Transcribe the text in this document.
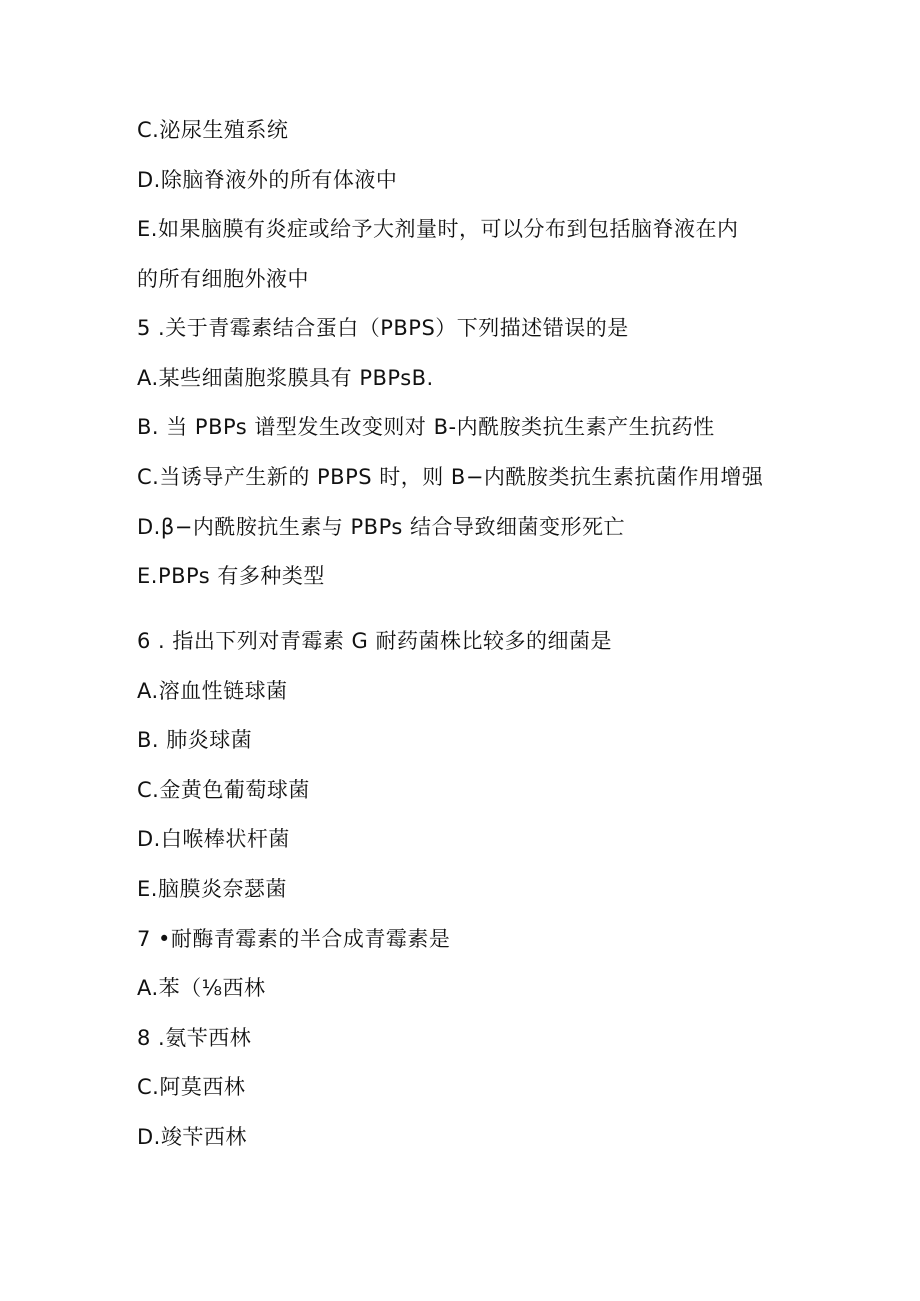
C.泌尿生殖系统
D.除脑脊液外的所有体液中
E.如果脑膜有炎症或给予大剂量时，可以分布到包括脑脊液在内
的所有细胞外液中
5 .关于青霉素结合蛋白（PBPS）下列描述错误的是
A.某些细菌胞浆膜具有 PBPsB.
B. 当 PBPs 谱型发生改变则对 B-内酰胺类抗生素产生抗药性
C.当诱导产生新的 PBPS 时，则 B−内酰胺类抗生素抗菌作用增强
D.β−内酰胺抗生素与 PBPs 结合导致细菌变形死亡
E.PBPs 有多种类型
6 . 指出下列对青霉素 G 耐药菌株比较多的细菌是
A.溶血性链球菌
B. 肺炎球菌
C.金黄色葡萄球菌
D.白喉棒状杆菌
E.脑膜炎奈瑟菌
7 •耐酶青霉素的半合成青霉素是
A.苯（⅛西林
8 .氨苄西林
C.阿莫西林
D.竣苄西林
